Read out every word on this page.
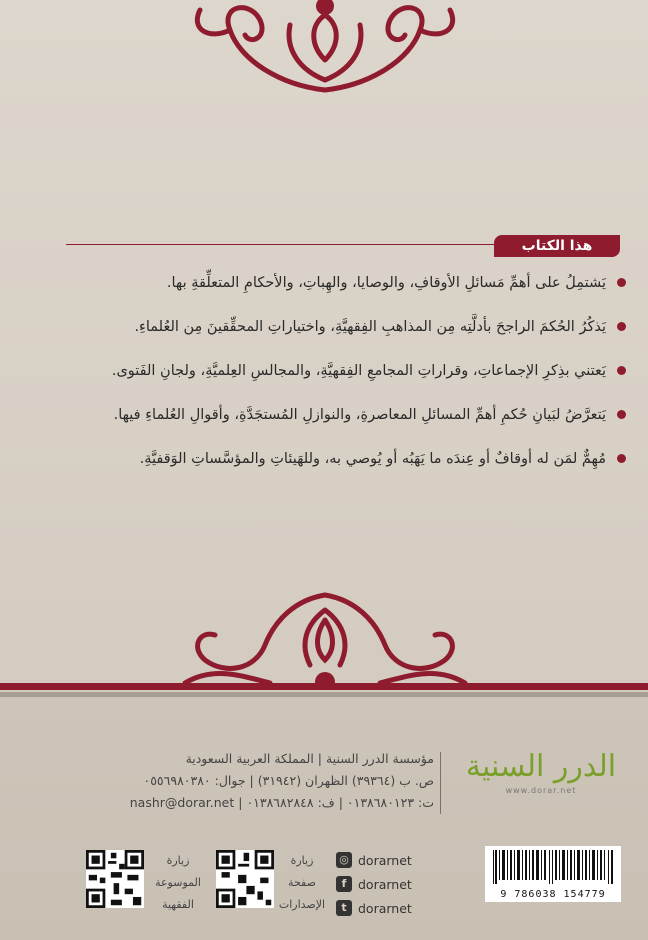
هذا الكتاب
يَشتمِلُ على أهمِّ مَسائلِ الأوقافِ، والوصايا، والهِباتِ، والأحكامِ المتعلِّقةِ بها.
يَذكُرُ الحُكمَ الراجحَ بأدلَّتِه مِن المذاهبِ الفِقهيَّةِ، واختياراتِ المحقِّقينَ مِن العُلماءِ.
يَعتني بذِكرِ الإجماعاتِ، وقراراتِ المجامعِ الفِقهيَّةِ، والمجالسِ العِلميَّةِ، ولجانِ الفَتوى.
يَتعرَّضُ لبَيانِ حُكمِ أهمِّ المسائلِ المعاصرةِ، والنوازلِ المُستجَدَّةِ، وأقوالِ العُلماءِ فيها.
مُهِمٌّ لمَن له أوقافٌ أو عِندَه ما يَهَبُه أو يُوصي به، وللهَيئاتِ والمؤسَّساتِ الوَقفيَّةِ.
مؤسسة الدرر السنية | المملكة العربية السعودية
ص. ب (٣٩٣٦٤) الظهران (٣١٩٤٢) | جوال: ٠٥٥٦٩٨٠٣٨٠
ت: ٠١٣٨٦٨٠١٢٣ | ف: ٠١٣٨٦٨٢٨٤٨ | nashr@dorar.net
الدرر السنية
www.dorar.net
زيارة
الموسوعة
الفقهية
زيارة
صفحة
الإصدارات
◎ dorarnet
f dorarnet
t dorarnet
9 786038 154779
